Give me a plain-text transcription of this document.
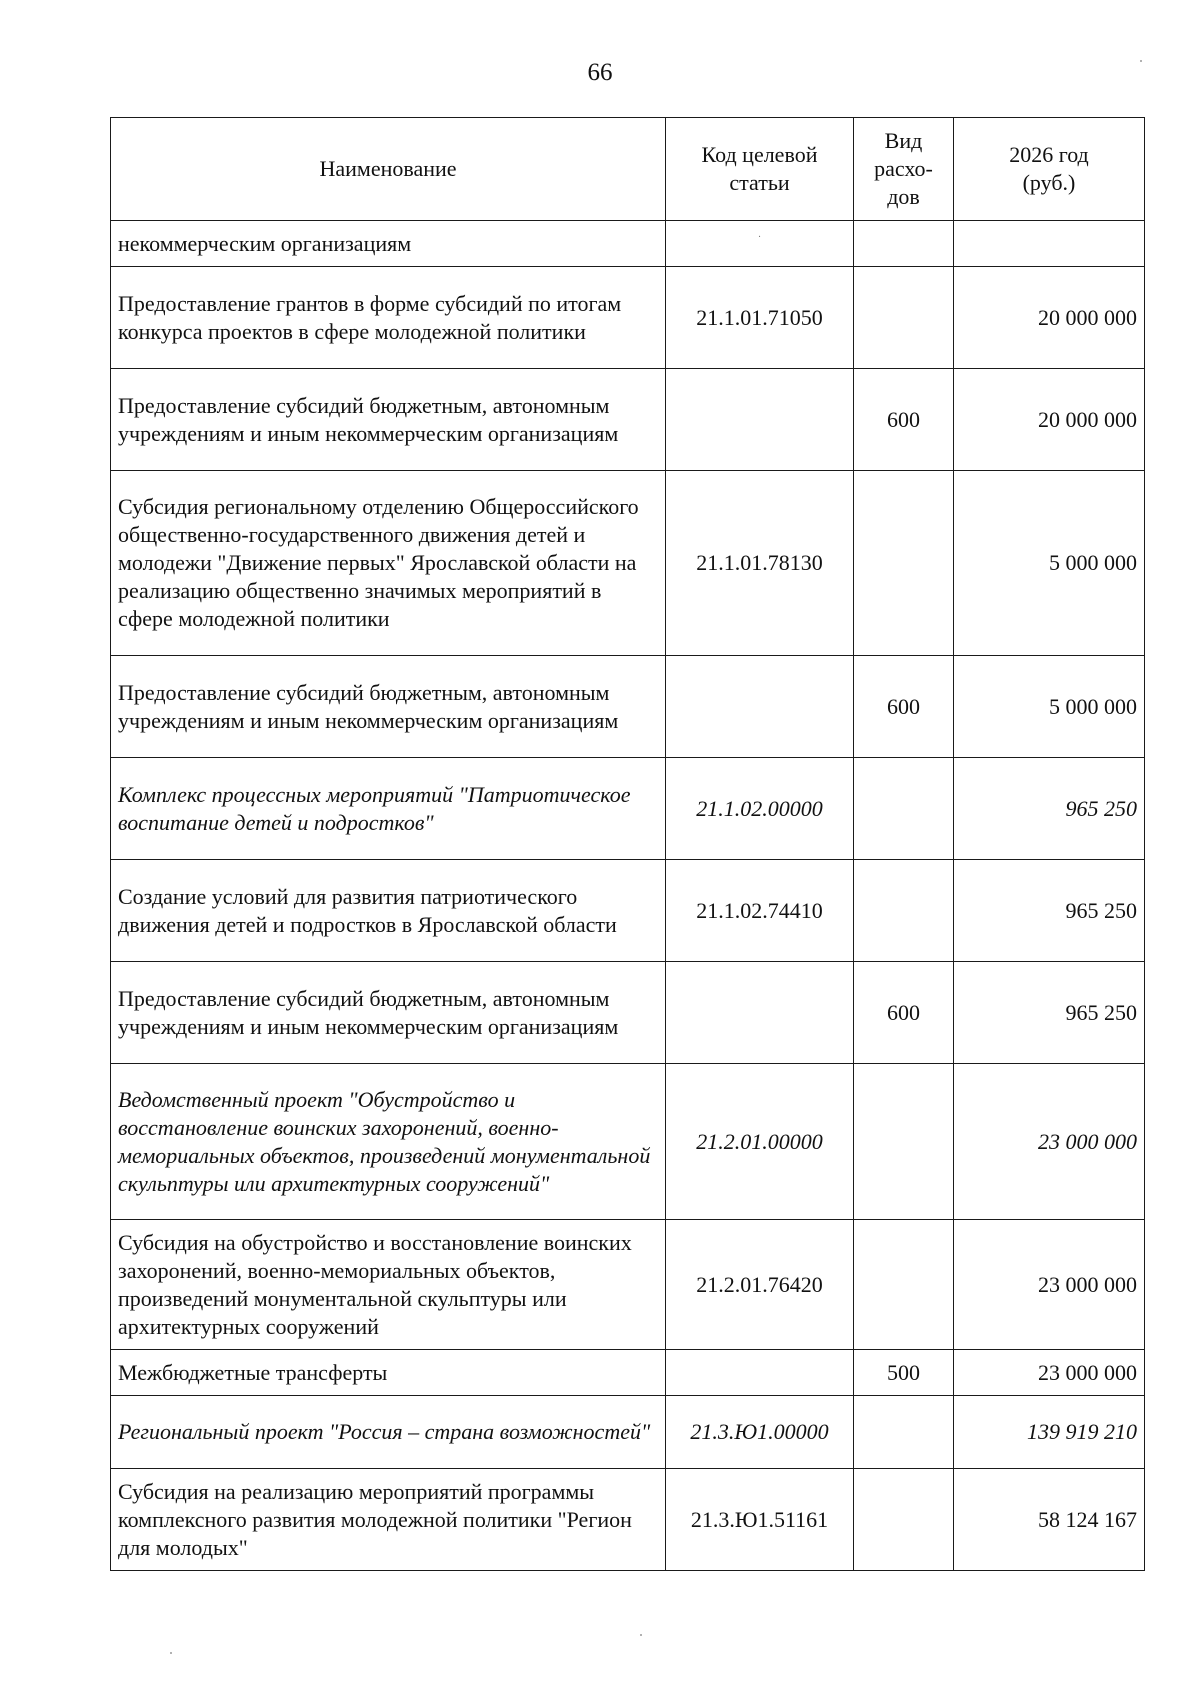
66
Наименование	Код целевой статьи	Вид расхо-дов	2026 год (руб.)
некоммерческим организациям	·		
Предоставление грантов в форме субсидий по итогам конкурса проектов в сфере молодежной политики	21.1.01.71050		20 000 000
Предоставление субсидий бюджетным, автономным учреждениям и иным некоммерческим организациям		600	20 000 000
Субсидия региональному отделению Общероссийского общественно-государственного движения детей и молодежи "Движение первых" Ярославской области на реализацию общественно значимых мероприятий в сфере молодежной политики	21.1.01.78130		5 000 000
Предоставление субсидий бюджетным, автономным учреждениям и иным некоммерческим организациям		600	5 000 000
Комплекс процессных мероприятий "Патриотическое воспитание детей и подростков"	21.1.02.00000		965 250
Создание условий для развития патриотического движения детей и подростков в Ярославской области	21.1.02.74410		965 250
Предоставление субсидий бюджетным, автономным учреждениям и иным некоммерческим организациям		600	965 250
Ведомственный проект "Обустройство и восстановление воинских захоронений, военно-мемориальных объектов, произведений монументальной скульптуры или архитектурных сооружений"	21.2.01.00000		23 000 000
Субсидия на обустройство и восстановление воинских захоронений, военно-мемориальных объектов, произведений монументальной скульптуры или архитектурных сооружений	21.2.01.76420		23 000 000
Межбюджетные трансферты		500	23 000 000
Региональный проект "Россия – страна возможностей"	21.3.Ю1.00000		139 919 210
Субсидия на реализацию мероприятий программы комплексного развития молодежной политики "Регион для молодых"	21.3.Ю1.51161		58 124 167
